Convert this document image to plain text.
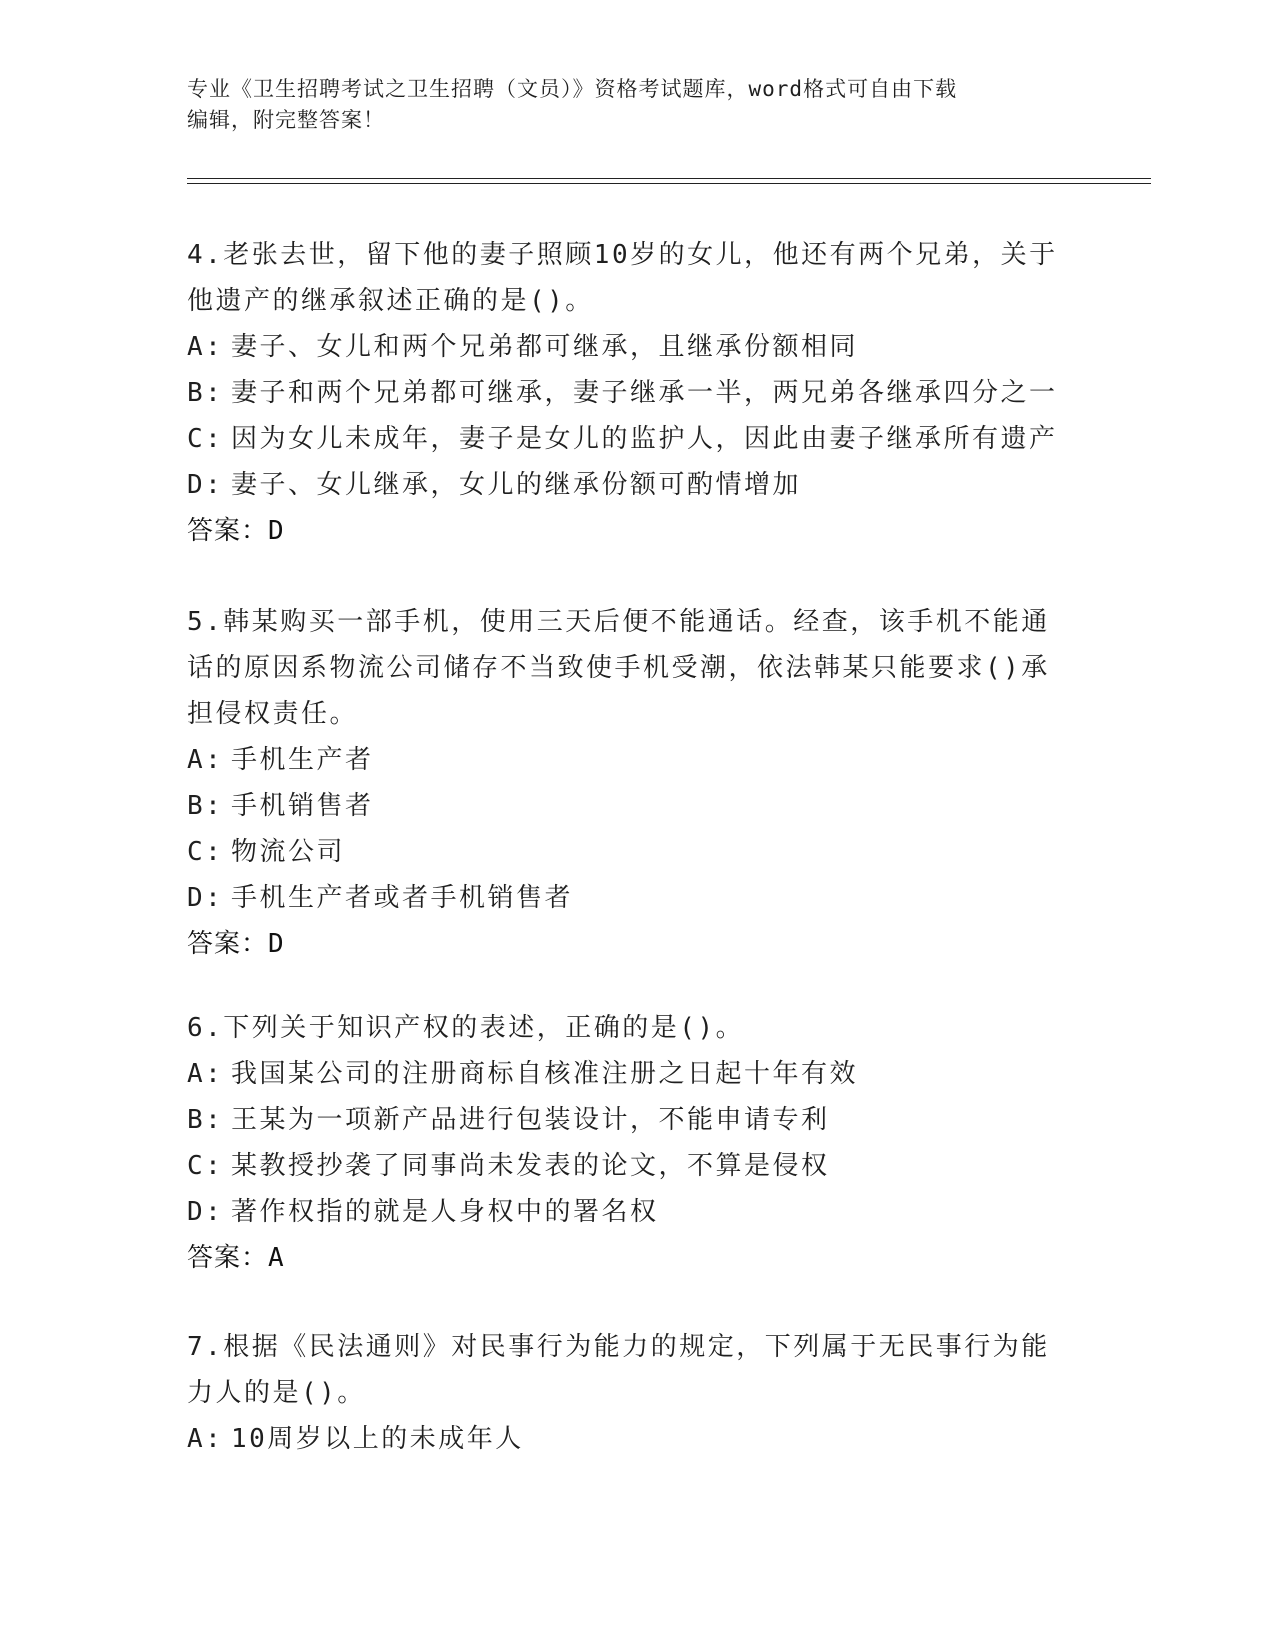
专业《卫生招聘考试之卫生招聘（文员）》资格考试题库，word格式可自由下载
编辑，附完整答案！
4.老张去世，留下他的妻子照顾10岁的女儿，他还有两个兄弟，关于
他遗产的继承叙述正确的是()。
A: 妻子、女儿和两个兄弟都可继承，且继承份额相同
B: 妻子和两个兄弟都可继承，妻子继承一半，两兄弟各继承四分之一
C: 因为女儿未成年，妻子是女儿的监护人，因此由妻子继承所有遗产
D: 妻子、女儿继承，女儿的继承份额可酌情增加
答案：D
5.韩某购买一部手机，使用三天后便不能通话。经查，该手机不能通
话的原因系物流公司储存不当致使手机受潮，依法韩某只能要求()承
担侵权责任。
A: 手机生产者
B: 手机销售者
C: 物流公司
D: 手机生产者或者手机销售者
答案：D
6.下列关于知识产权的表述，正确的是()。
A: 我国某公司的注册商标自核准注册之日起十年有效
B: 王某为一项新产品进行包装设计，不能申请专利
C: 某教授抄袭了同事尚未发表的论文，不算是侵权
D: 著作权指的就是人身权中的署名权
答案：A
7.根据《民法通则》对民事行为能力的规定，下列属于无民事行为能
力人的是()。
A: 10周岁以上的未成年人
